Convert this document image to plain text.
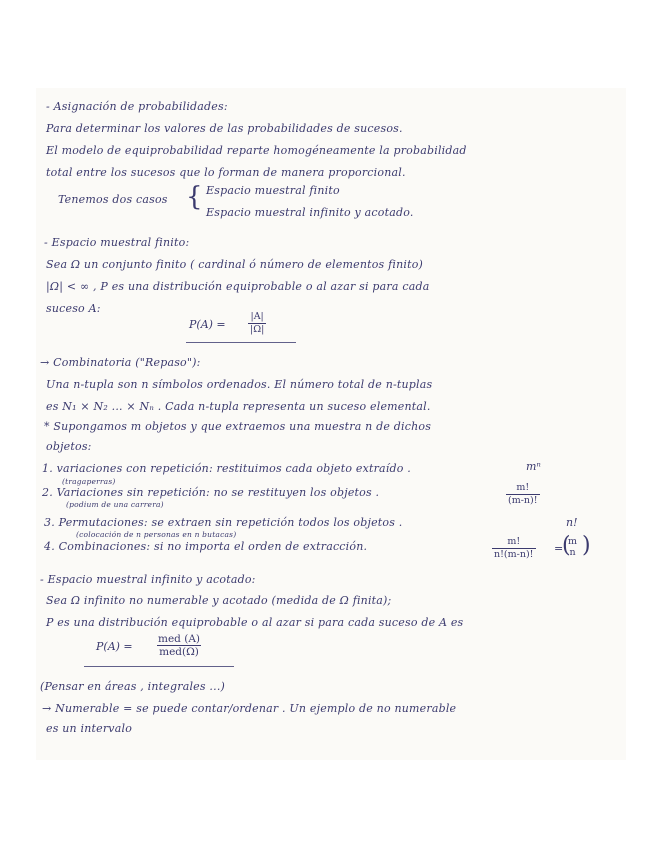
- Asignación de probabilidades:
Para determinar los valores de las probabilidades de sucesos.
El modelo de equiprobabilidad reparte homogéneamente la probabilidad
total entre los sucesos que lo forman de manera proporcional.
Tenemos dos casos { Espacio muestral finito
Espacio muestral infinito y acotado.
- Espacio muestral finito:
Sea Ω un conjunto finito ( cardinal ó número de elementos finito)
|Ω| < ∞ , P es una distribución equiprobable o al azar si para cada
suceso A:
$P(A) = \frac{|A|}{|\Omega|}$
→ Combinatoria ("Repaso"):
Una n-tupla son n símbolos ordenados. El número total de n-tuplas
es N₁ × N₂ ... × Nₙ . Cada n-tupla representa un suceso elemental.
* Supongamos m objetos y que extraemos una muestra n de dichos
objetos:
1. variaciones con repetición: restituimos cada objeto extraído .	mⁿ
(tragaperras)
2. Variaciones sin repetición: no se restituyen los objetos .
(podium de una carrera)	$\frac{m!}{(m-n)!}$
3. Permutaciones: se extraen sin repetición todos los objetos .	n!
(colocación de n personas en n butacas)
4. Combinaciones: si no importa el orden de extracción.	$\frac{m!}{n!(m-n)!}$ =
m
n
( )
- Espacio muestral infinito y acotado:
Sea Ω infinito no numerable y acotado (medida de Ω finita);
P es una distribución equiprobable o al azar si para cada suceso de A es
P(A) =
med (A)
med(Ω)
(Pensar en áreas , integrales ...)
→ Numerable = se puede contar/ordenar . Un ejemplo de no numerable
es un intervalo
